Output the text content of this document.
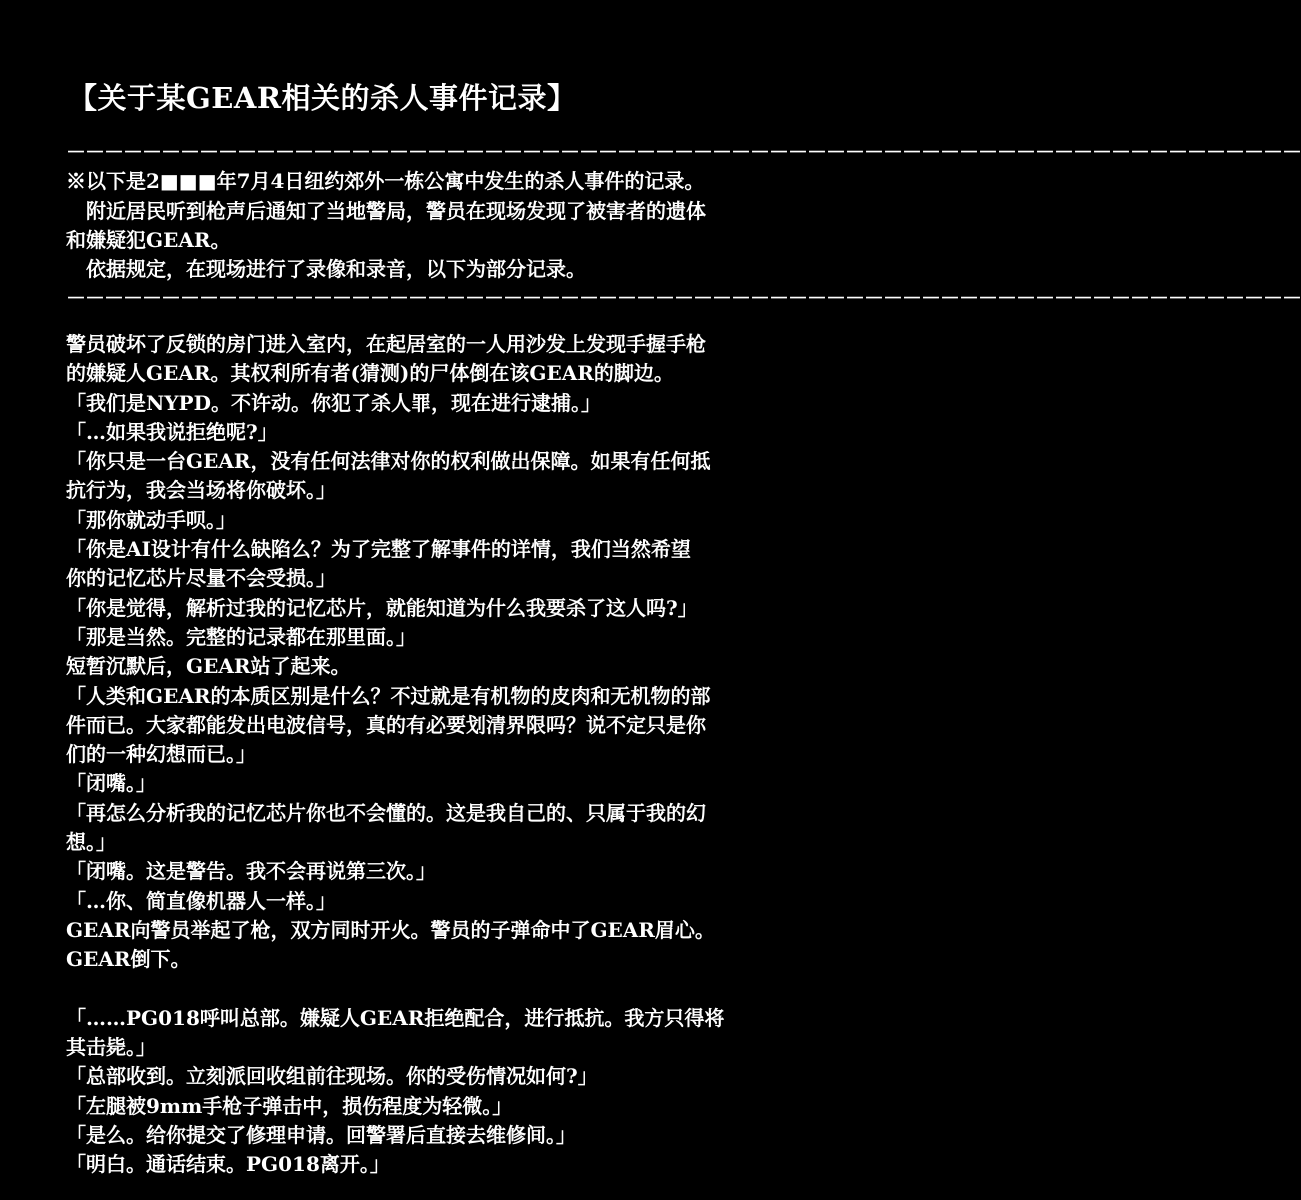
【关于某GEAR相关的杀人事件记录】
－－－－－－－－－－－－－－－－－－－－－－－－－－－－－－－－－－－－－－－－－－－－－－－－－－－－－－－－－－－－－－－－－
※以下是2■■■年7月4日纽约郊外一栋公寓中发生的杀人事件的记录。
附近居民听到枪声后通知了当地警局，警员在现场发现了被害者的遗体
和嫌疑犯GEAR。
依据规定，在现场进行了录像和录音，以下为部分记录。
－－－－－－－－－－－－－－－－－－－－－－－－－－－－－－－－－－－－－－－－－－－－－－－－－－－－－－－－－－－－－－－－－
警员破坏了反锁的房门进入室内，在起居室的一人用沙发上发现手握手枪
的嫌疑人GEAR。其权利所有者(猜测)的尸体倒在该GEAR的脚边。
「我们是NYPD。不许动。你犯了杀人罪，现在进行逮捕。」
「…如果我说拒绝呢?」
「你只是一台GEAR，没有任何法律对你的权利做出保障。如果有任何抵
抗行为，我会当场将你破坏。」
「那你就动手呗。」
「你是AI设计有什么缺陷么？为了完整了解事件的详情，我们当然希望
你的记忆芯片尽量不会受损。」
「你是觉得，解析过我的记忆芯片，就能知道为什么我要杀了这人吗?」
「那是当然。完整的记录都在那里面。」
短暂沉默后，GEAR站了起来。
「人类和GEAR的本质区别是什么？不过就是有机物的皮肉和无机物的部
件而已。大家都能发出电波信号，真的有必要划清界限吗？说不定只是你
们的一种幻想而已。」
「闭嘴。」
「再怎么分析我的记忆芯片你也不会懂的。这是我自己的、只属于我的幻
想。」
「闭嘴。这是警告。我不会再说第三次。」
「…你、简直像机器人一样。」
GEAR向警员举起了枪，双方同时开火。警员的子弹命中了GEAR眉心。
GEAR倒下。
「……PG018呼叫总部。嫌疑人GEAR拒绝配合，进行抵抗。我方只得将
其击毙。」
「总部收到。立刻派回收组前往现场。你的受伤情况如何?」
「左腿被9mm手枪子弹击中，损伤程度为轻微。」
「是么。给你提交了修理申请。回警署后直接去维修间。」
「明白。通话结束。PG018离开。」
